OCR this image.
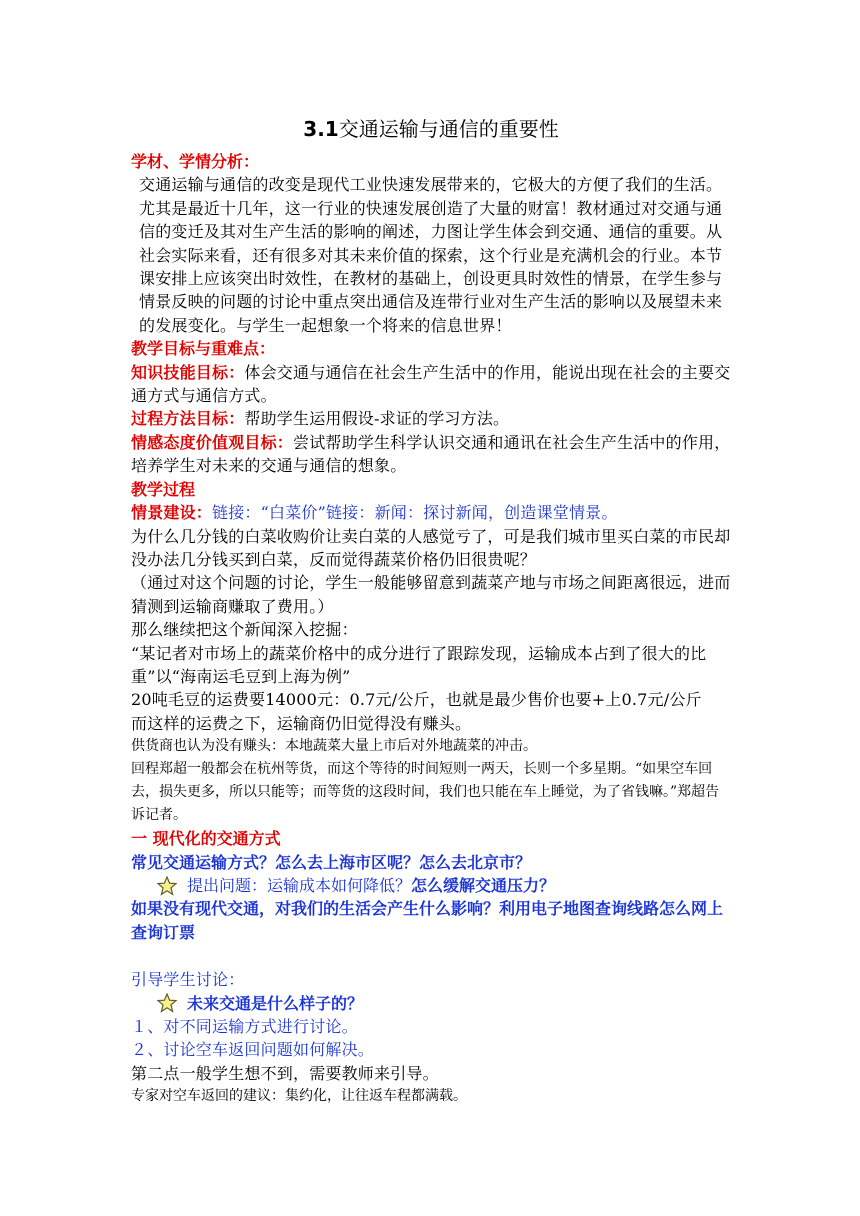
3.1交通运输与通信的重要性

学材、学情分析：

交通运输与通信的改变是现代工业快速发展带来的，它极大的方便了我们的生活。尤其是最近十几年，这一行业的快速发展创造了大量的财富！教材通过对交通与通信的变迁及其对生产生活的影响的阐述，力图让学生体会到交通、通信的重要。从社会实际来看，还有很多对其未来价值的探索，这个行业是充满机会的行业。本节课安排上应该突出时效性，在教材的基础上，创设更具时效性的情景，在学生参与情景反映的问题的讨论中重点突出通信及连带行业对生产生活的影响以及展望未来的发展变化。与学生一起想象一个将来的信息世界！

教学目标与重难点：

知识技能目标：体会交通与通信在社会生产生活中的作用，能说出现在社会的主要交通方式与通信方式。

过程方法目标：帮助学生运用假设-求证的学习方法。

情感态度价值观目标：尝试帮助学生科学认识交通和通讯在社会生产生活中的作用，培养学生对未来的交通与通信的想象。

教学过程

情景建设：链接：“白菜价”链接：新闻：探讨新闻，创造课堂情景。

为什么几分钱的白菜收购价让卖白菜的人感觉亏了，可是我们城市里买白菜的市民却没办法几分钱买到白菜，反而觉得蔬菜价格仍旧很贵呢？

（通过对这个问题的讨论，学生一般能够留意到蔬菜产地与市场之间距离很远，进而猜测到运输商赚取了费用。）

那么继续把这个新闻深入挖掘：

“某记者对市场上的蔬菜价格中的成分进行了跟踪发现，运输成本占到了很大的比重”以“海南运毛豆到上海为例”

20吨毛豆的运费要14000元：0.7元/公斤，也就是最少售价也要+上0.7元/公斤

而这样的运费之下，运输商仍旧觉得没有赚头。

供货商也认为没有赚头：本地蔬菜大量上市后对外地蔬菜的冲击。

回程郑超一般都会在杭州等货，而这个等待的时间短则一两天，长则一个多星期。“如果空车回去，损失更多，所以只能等；而等货的这段时间，我们也只能在车上睡觉，为了省钱嘛。”郑超告诉记者。

一 现代化的交通方式

常见交通运输方式？怎么去上海市区呢？怎么去北京市？

提出问题：运输成本如何降低？ 怎么缓解交通压力？

如果没有现代交通，对我们的生活会产生什么影响？利用电子地图查询线路怎么网上查询订票

引导学生讨论：

未来交通是什么样子的？

１、对不同运输方式进行讨论。

２、讨论空车返回问题如何解决。

第二点一般学生想不到，需要教师来引导。

专家对空车返回的建议：集约化，让往返车程都满载。
